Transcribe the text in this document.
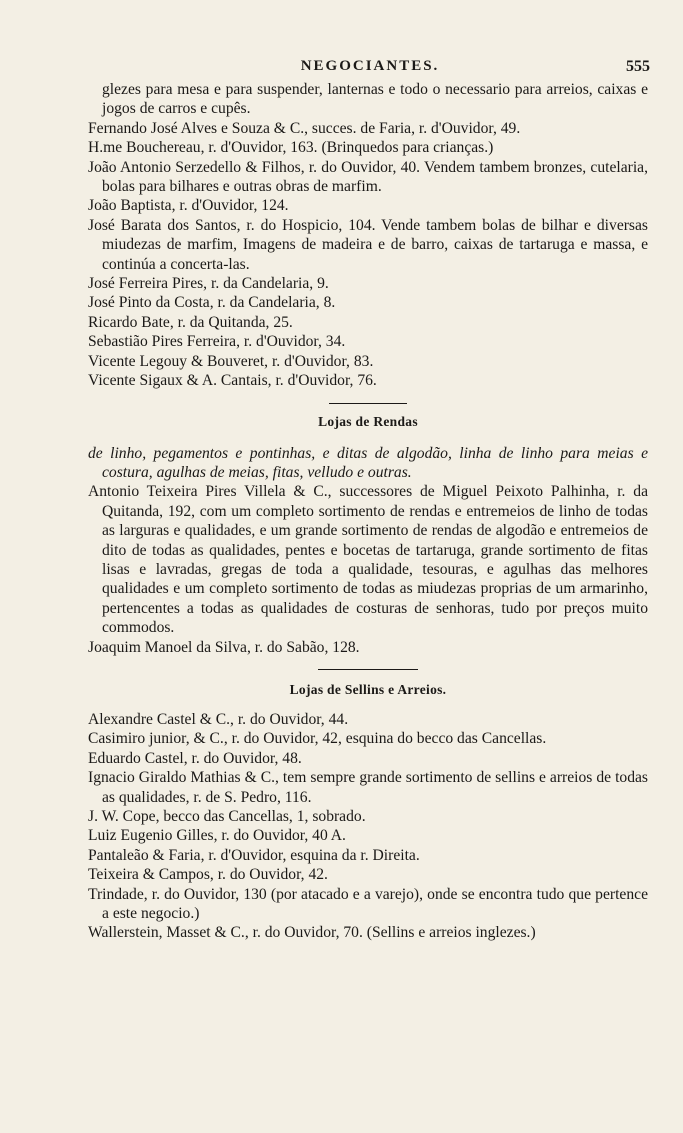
NEGOCIANTES.	555

glezes para mesa e para suspender, lanternas e todo o necessario para arreios, caixas e jogos de carros e cupês.

Fernando José Alves e Souza & C., succes. de Faria, r. d'Ouvidor, 49.

H.me Bouchereau, r. d'Ouvidor, 163. (Brinquedos para crianças.)

João Antonio Serzedello & Filhos, r. do Ouvidor, 40. Vendem tambem bronzes, cutelaria, bolas para bilhares e outras obras de marfim.

João Baptista, r. d'Ouvidor, 124.

José Barata dos Santos, r. do Hospicio, 104. Vende tambem bolas de bilhar e diversas miudezas de marfim, Imagens de madeira e de barro, caixas de tartaruga e massa, e continúa a concerta-las.

José Ferreira Pires, r. da Candelaria, 9.

José Pinto da Costa, r. da Candelaria, 8.

Ricardo Bate, r. da Quitanda, 25.

Sebastião Pires Ferreira, r. d'Ouvidor, 34.

Vicente Legouy & Bouveret, r. d'Ouvidor, 83.

Vicente Sigaux & A. Cantais, r. d'Ouvidor, 76.

Lojas de Rendas

de linho, pegamentos e pontinhas, e ditas de algodão, linha de linho para meias e costura, agulhas de meias, fitas, velludo e outras.

Antonio Teixeira Pires Villela & C., successores de Miguel Peixoto Palhinha, r. da Quitanda, 192, com um completo sortimento de rendas e entremeios de linho de todas as larguras e qualidades, e um grande sortimento de rendas de algodão e entremeios de dito de todas as qualidades, pentes e bocetas de tartaruga, grande sortimento de fitas lisas e lavradas, gregas de toda a qualidade, tesouras, e agulhas das melhores qualidades e um completo sortimento de todas as miudezas proprias de um armarinho, pertencentes a todas as qualidades de costuras de senhoras, tudo por preços muito commodos.

Joaquim Manoel da Silva, r. do Sabão, 128.

Lojas de Sellins e Arreios.

Alexandre Castel & C., r. do Ouvidor, 44.

Casimiro junior, & C., r. do Ouvidor, 42, esquina do becco das Cancellas.

Eduardo Castel, r. do Ouvidor, 48.

Ignacio Giraldo Mathias & C., tem sempre grande sortimento de sellins e arreios de todas as qualidades, r. de S. Pedro, 116.

J. W. Cope, becco das Cancellas, 1, sobrado.

Luiz Eugenio Gilles, r. do Ouvidor, 40 A.

Pantaleão & Faria, r. d'Ouvidor, esquina da r. Direita.

Teixeira & Campos, r. do Ouvidor, 42.

Trindade, r. do Ouvidor, 130 (por atacado e a varejo), onde se encontra tudo que pertence a este negocio.)

Wallerstein, Masset & C., r. do Ouvidor, 70. (Sellins e arreios inglezes.)
